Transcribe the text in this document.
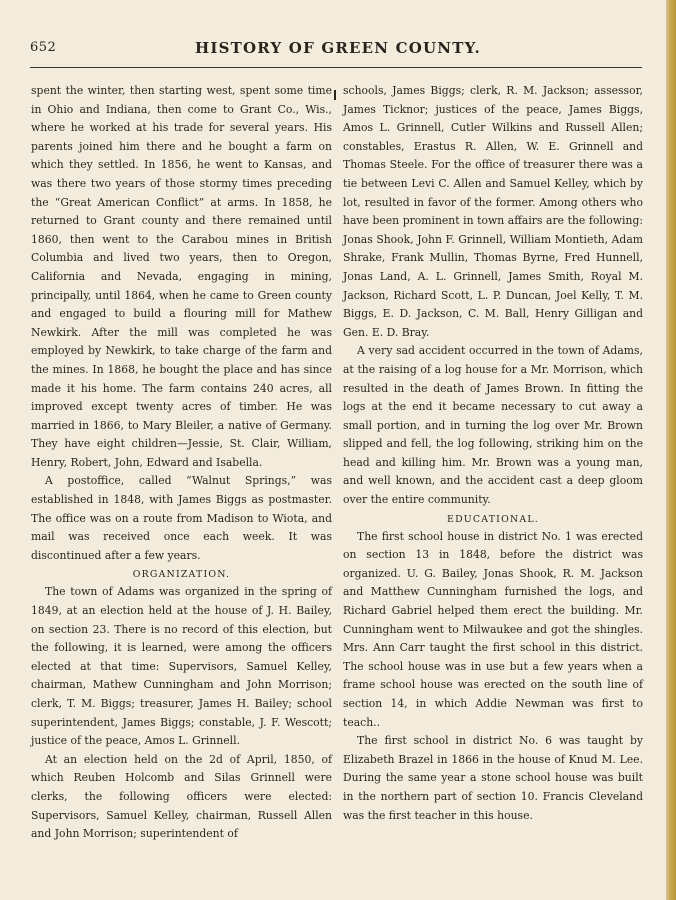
652	HISTORY OF GREEN COUNTY.

spent the winter, then starting west, spent some time in Ohio and Indiana, then come to Grant Co., Wis., where he worked at his trade for several years. His parents joined him there and he bought a farm on which they settled. In 1856, he went to Kansas, and was there two years of those stormy times preceding the “Great American Conflict” at arms. In 1858, he returned to Grant county and there remained until 1860, then went to the Carabou mines in British Columbia and lived two years, then to Oregon, California and Nevada, engaging in mining, principally, until 1864, when he came to Green county and engaged to build a flouring mill for Mathew Newkirk. After the mill was completed he was employed by Newkirk, to take charge of the farm and the mines. In 1868, he bought the place and has since made it his home. The farm contains 240 acres, all improved except twenty acres of timber. He was married in 1866, to Mary Bleiler, a native of Germany. They have eight children—Jessie, St. Clair, William, Henry, Robert, John, Edward and Isabella.

A postoffice, called “Walnut Springs,” was established in 1848, with James Biggs as postmaster. The office was on a route from Madison to Wiota, and mail was received once each week. It was discontinued after a few years.

ORGANIZATION.

The town of Adams was organized in the spring of 1849, at an election held at the house of J. H. Bailey, on section 23. There is no record of this election, but the following, it is learned, were among the officers elected at that time: Supervisors, Samuel Kelley, chairman, Mathew Cunningham and John Morrison; clerk, T. M. Biggs; treasurer, James H. Bailey; school superintendent, James Biggs; constable, J. F. Wescott; justice of the peace, Amos L. Grinnell.

At an election held on the 2d of April, 1850, of which Reuben Holcomb and Silas Grinnell were clerks, the following officers were elected: Supervisors, Samuel Kelley, chairman, Russell Allen and John Morrison; superintendent of

schools, James Biggs; clerk, R. M. Jackson; assessor, James Ticknor; justices of the peace, James Biggs, Amos L. Grinnell, Cutler Wilkins and Russell Allen; constables, Erastus R. Allen, W. E. Grinnell and Thomas Steele. For the office of treasurer there was a tie between Levi C. Allen and Samuel Kelley, which by lot, resulted in favor of the former. Among others who have been prominent in town affairs are the following: Jonas Shook, John F. Grinnell, William Montieth, Adam Shrake, Frank Mullin, Thomas Byrne, Fred Hunnell, Jonas Land, A. L. Grinnell, James Smith, Royal M. Jackson, Richard Scott, L. P. Duncan, Joel Kelly, T. M. Biggs, E. D. Jackson, C. M. Ball, Henry Gilligan and Gen. E. D. Bray.

A very sad accident occurred in the town of Adams, at the raising of a log house for a Mr. Morrison, which resulted in the death of James Brown. In fitting the logs at the end it became necessary to cut away a small portion, and in turning the log over Mr. Brown slipped and fell, the log following, striking him on the head and killing him. Mr. Brown was a young man, and well known, and the accident cast a deep gloom over the entire community.

EDUCATIONAL.

The first school house in district No. 1 was erected on section 13 in 1848, before the district was organized. U. G. Bailey, Jonas Shook, R. M. Jackson and Matthew Cunningham furnished the logs, and Richard Gabriel helped them erect the building. Mr. Cunningham went to Milwaukee and got the shingles. Mrs. Ann Carr taught the first school in this district. The school house was in use but a few years when a frame school house was erected on the south line of section 14, in which Addie Newman was first to teach..

The first school in district No. 6 was taught by Elizabeth Brazel in 1866 in the house of Knud M. Lee. During the same year a stone school house was built in the northern part of section 10. Francis Cleveland was the first teacher in this house.
